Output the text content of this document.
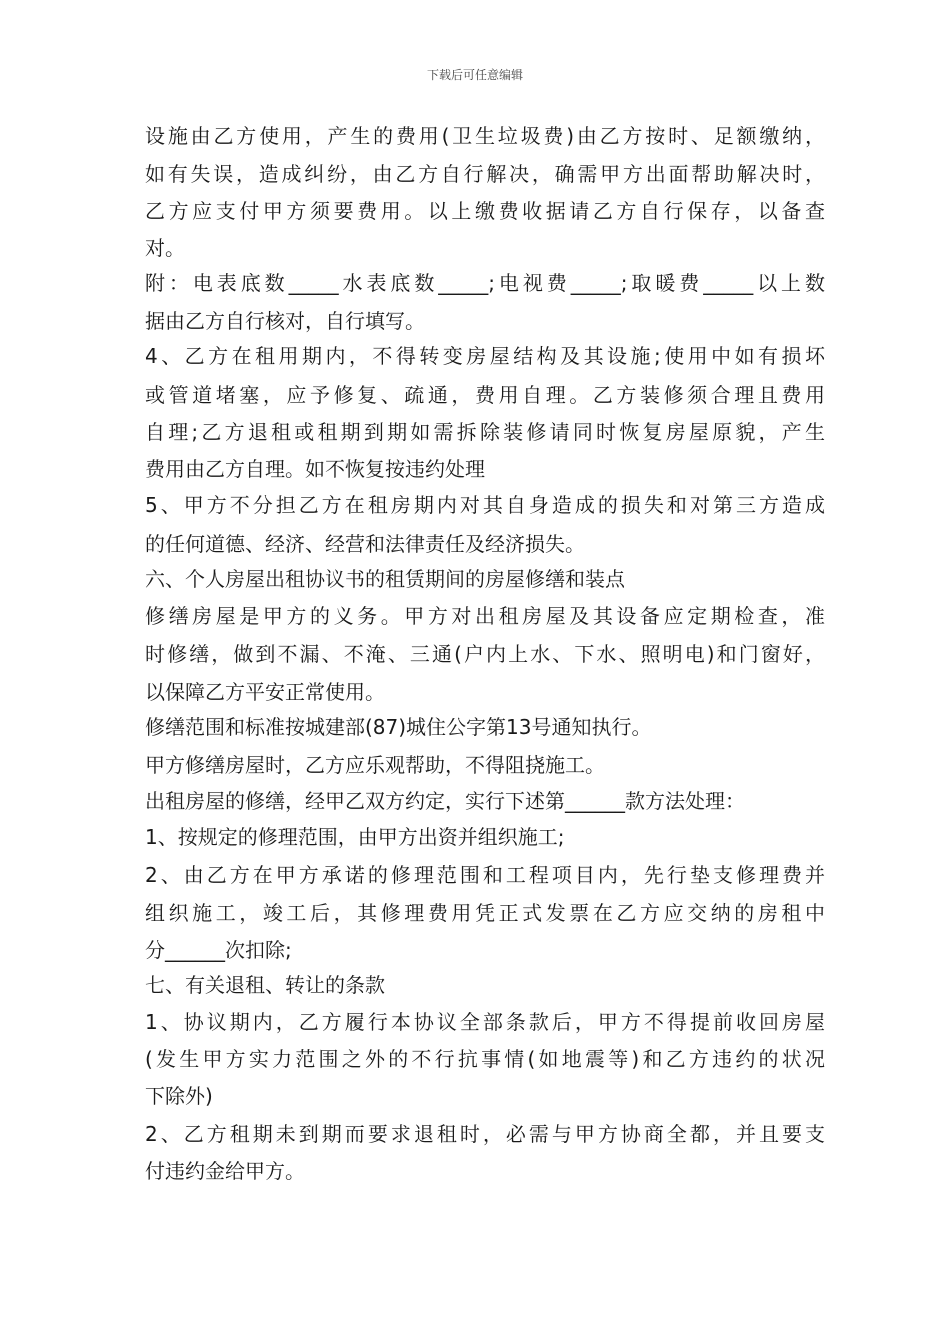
下载后可任意编辑
设施由乙方使用，产生的费用(卫生垃圾费)由乙方按时、足额缴纳，
如有失误，造成纠纷，由乙方自行解决，确需甲方出面帮助解决时，
乙方应支付甲方须要费用。以上缴费收据请乙方自行保存，以备查
对。
附：电表底数_____水表底数_____;电视费_____;取暖费_____以上数
据由乙方自行核对，自行填写。
4、乙方在租用期内，不得转变房屋结构及其设施;使用中如有损坏
或管道堵塞，应予修复、疏通，费用自理。乙方装修须合理且费用
自理;乙方退租或租期到期如需拆除装修请同时恢复房屋原貌，产生
费用由乙方自理。如不恢复按违约处理
5、甲方不分担乙方在租房期内对其自身造成的损失和对第三方造成
的任何道德、经济、经营和法律责任及经济损失。
六、个人房屋出租协议书的租赁期间的房屋修缮和装点
修缮房屋是甲方的义务。甲方对出租房屋及其设备应定期检查，准
时修缮，做到不漏、不淹、三通(户内上水、下水、照明电)和门窗好，
以保障乙方平安正常使用。
修缮范围和标准按城建部(87)城住公字第13号通知执行。
甲方修缮房屋时，乙方应乐观帮助，不得阻挠施工。
出租房屋的修缮，经甲乙双方约定，实行下述第______款方法处理：
1、按规定的修理范围，由甲方出资并组织施工;
2、由乙方在甲方承诺的修理范围和工程项目内，先行垫支修理费并
组织施工，竣工后，其修理费用凭正式发票在乙方应交纳的房租中
分______次扣除;
七、有关退租、转让的条款
1、协议期内，乙方履行本协议全部条款后，甲方不得提前收回房屋
(发生甲方实力范围之外的不行抗事情(如地震等)和乙方违约的状况
下除外)
2、乙方租期未到期而要求退租时，必需与甲方协商全都，并且要支
付违约金给甲方。
